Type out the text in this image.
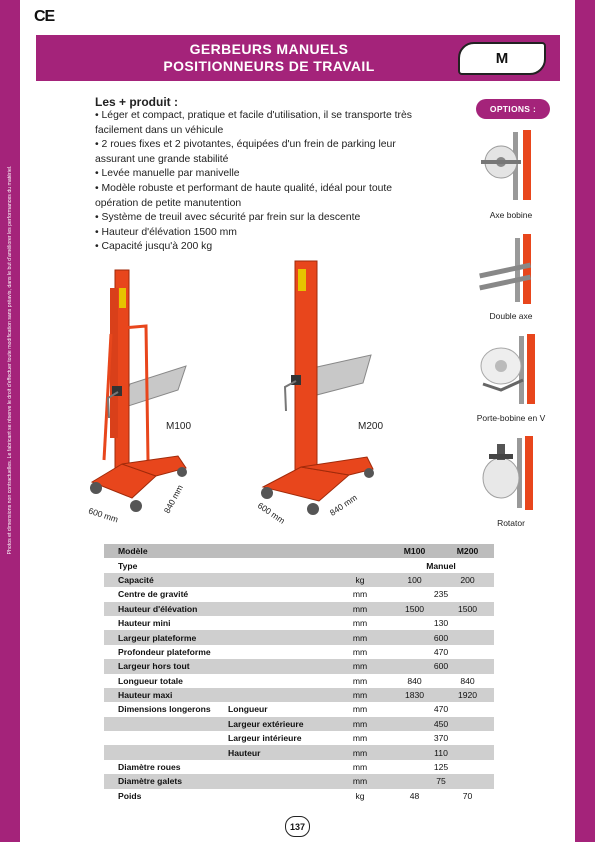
Photos et dimensions non contractuelles. Le fabricant se réserve le droit d'effectuer toute modification sans préavis, dans le but d'améliorer les performances du matériel.
CE
GERBEURS MANUELS
POSITIONNEURS DE TRAVAIL	M
Les + produit :
• Léger et compact, pratique et facile d'utilisation, il se transporte très facilement dans un véhicule
• 2 roues fixes et 2 pivotantes, équipées d'un frein de parking leur assurant une grande stabilité
• Levée manuelle par manivelle
• Modèle robuste et performant de haute qualité, idéal pour toute opération de petite manutention
• Système de treuil avec sécurité par frein sur la descente
• Hauteur d'élévation 1500 mm
• Capacité jusqu'à 200 kg
M100
600 mm
840 mm
M200
600 mm	840 mm
OPTIONS :
Axe bobine
Double axe
Porte-bobine en V
Rotator
Modèle			M100	M200
Type			Manuel	
Capacité		kg	100	200
Centre de gravité		mm	235	
Hauteur d'élévation		mm	1500	1500
Hauteur mini		mm	130	
Largeur plateforme		mm	600	
Profondeur plateforme		mm	470	
Largeur hors tout		mm	600	
Longueur totale		mm	840	840
Hauteur maxi		mm	1830	1920
Dimensions longerons	Longueur	mm	470	
	Largeur extérieure	mm	450	
	Largeur intérieure	mm	370	
	Hauteur	mm	110	
Diamètre roues		mm	125	
Diamètre galets		mm	75	
Poids		kg	48	70
137
